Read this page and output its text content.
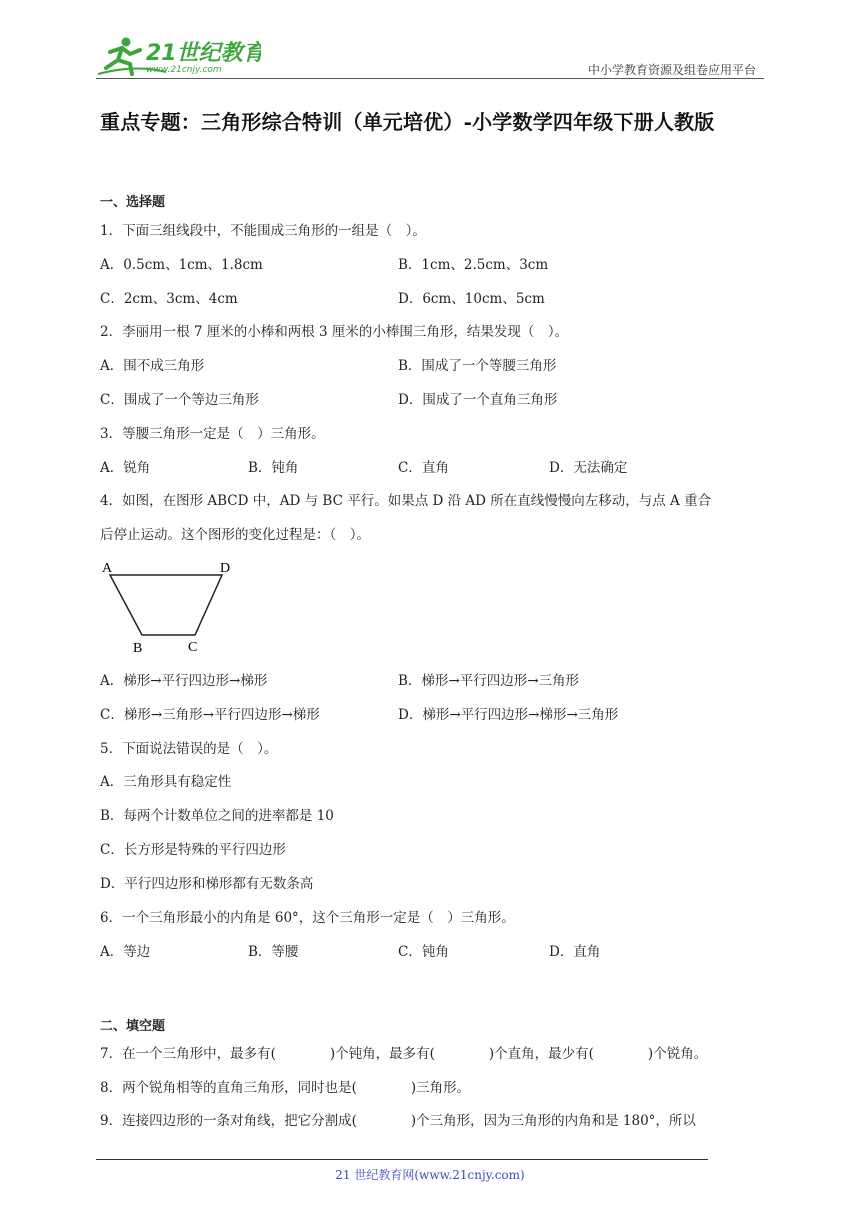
21世纪教育
www.21cnjy.com	中小学教育资源及组卷应用平台
重点专题：三角形综合特训（单元培优）-小学数学四年级下册人教版
一、选择题
1．下面三组线段中，不能围成三角形的一组是（　）。
A．0.5cm、1cm、1.8cm	B．1cm、2.5cm、3cm
C．2cm、3cm、4cm	D．6cm、10cm、5cm
2．李丽用一根 7 厘米的小棒和两根 3 厘米的小棒围三角形，结果发现（　）。
A．围不成三角形	B．围成了一个等腰三角形
C．围成了一个等边三角形	D．围成了一个直角三角形
3．等腰三角形一定是（　）三角形。
A．锐角	B．钝角	C．直角	D．无法确定
4．如图，在图形 ABCD 中，AD 与 BC 平行。如果点 D 沿 AD 所在直线慢慢向左移动，与点 A 重合
后停止运动。这个图形的变化过程是：（　）。
A	D
B	C
A．梯形→平行四边形→梯形	B．梯形→平行四边形→三角形
C．梯形→三角形→平行四边形→梯形	D．梯形→平行四边形→梯形→三角形
5．下面说法错误的是（　）。
A．三角形具有稳定性
B．每两个计数单位之间的进率都是 10
C．长方形是特殊的平行四边形
D．平行四边形和梯形都有无数条高
6．一个三角形最小的内角是 60°，这个三角形一定是（　）三角形。
A．等边	B．等腰	C．钝角	D．直角
二、填空题
7．在一个三角形中，最多有(　　　　)个钝角，最多有(　　　　)个直角，最少有(　　　　)个锐角。
8．两个锐角相等的直角三角形，同时也是(　　　　)三角形。
9．连接四边形的一条对角线，把它分割成(　　　　)个三角形，因为三角形的内角和是 180°，所以
21 世纪教育网(www.21cnjy.com)
